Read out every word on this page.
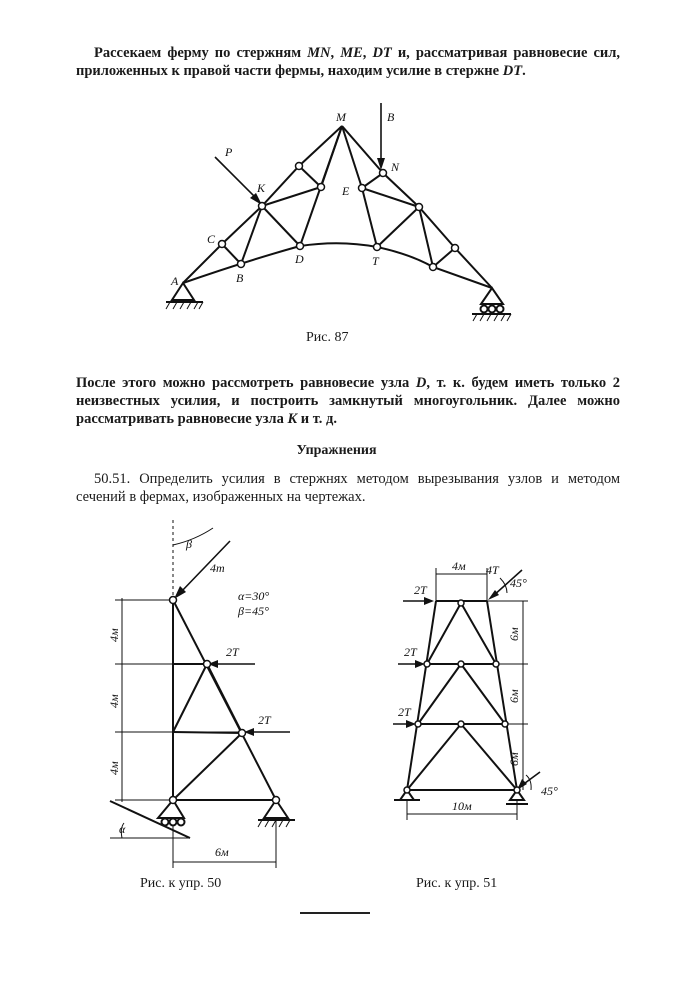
Рассекаем ферму по стержням MN, ME, DT и, рассматривая равновесие сил, приложенных к правой части фермы, находим усилие в стержне DT.
M	B
P
K
N
E
C
A	B
D	T
β
4т
α=30°
β=45°
2Т
2Т
4м
4м
4м
6м
α
4м 4Т
45°
2Т
2Т
2Т
6м
6м
6м
10м
45°
Рис. 87
После этого можно рассмотреть равновесие узла D, т. к. будем иметь только 2 неизвестных усилия, и построить замкнутый многоугольник. Далее можно рассматривать равновесие узла K и т. д.
Упражнения
50.51. Определить усилия в стержнях методом вырезывания узлов и методом сечений в фермах, изображенных на чертежах.
Рис. к упр. 50	Рис. к упр. 51
